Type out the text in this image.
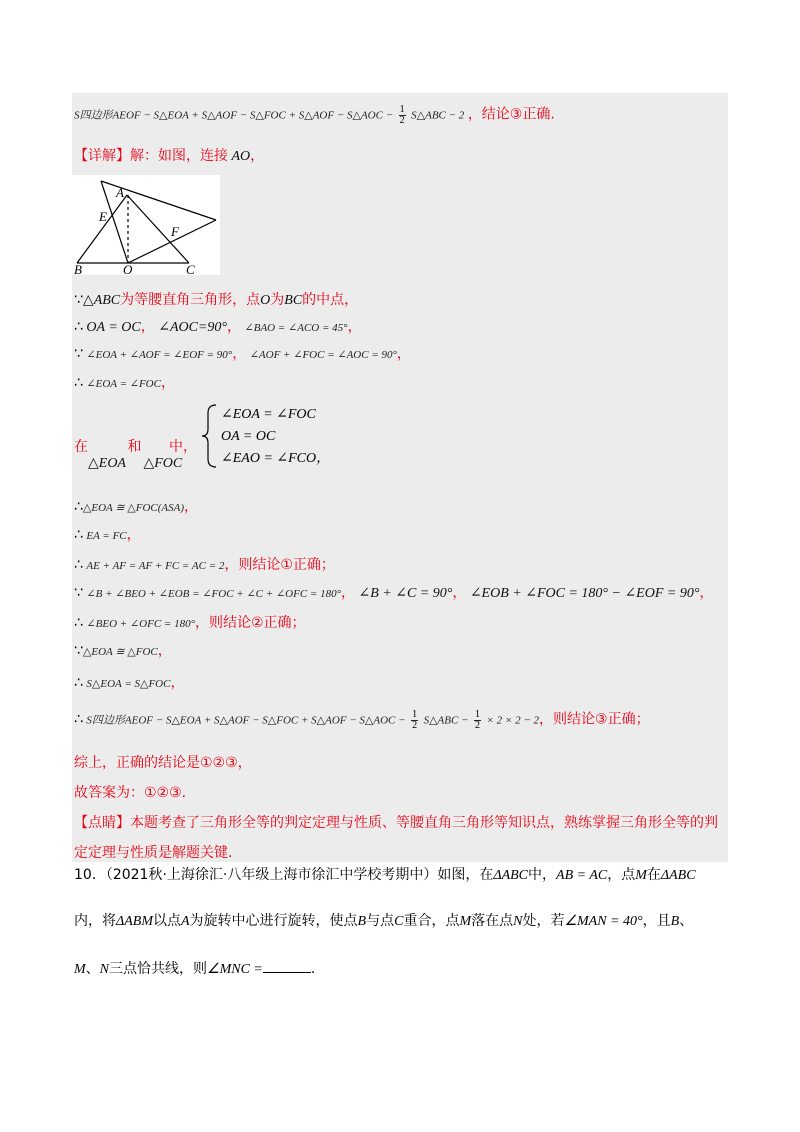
S四边形AEOF − S△EOA + S△AOF − S△FOC + S△AOF − S△AOC − $\frac{1}{2}$ S△ABC − 2 ，结论③正确.
【详解】解：如图，连接 AO，
E
A
F
B	O	C
∵△ABC为等腰直角三角形，点O为BC的中点，
∴ OA = OC， ∠AOC=90°， ∠BAO = ∠ACO = 45°，
∵ ∠EOA + ∠AOF = ∠EOF = 90°， ∠AOF + ∠FOC = ∠AOC = 90°，
∴ ∠EOA = ∠FOC，
在	和 中，
△EOA △FOC
∠EOA = ∠FOC
OA = OC
∠EAO = ∠FCO，
∴△EOA ≅ △FOC(ASA)，
∴ EA = FC，
∴ AE + AF = AF + FC = AC = 2，则结论①正确；
∵ ∠B + ∠BEO + ∠EOB = ∠FOC + ∠C + ∠OFC = 180°， ∠B + ∠C = 90°， ∠EOB + ∠FOC = 180° − ∠EOF = 90°，
∴ ∠BEO + ∠OFC = 180°，则结论②正确；
∵△EOA ≅ △FOC，
∴ S△EOA = S△FOC，
∴ S四边形AEOF − S△EOA + S△AOF − S△FOC + S△AOF − S△AOC − $\frac{1}{2}$ S△ABC − $\frac{1}{2} \times 2 \times 2 - 2$，则结论③正确；
综上，正确的结论是①②③，
故答案为：①②③.
【点睛】本题考查了三角形全等的判定定理与性质、等腰直角三角形等知识点，熟练掌握三角形全等的判定定理与性质是解题关键.
10．（2021秋·上海徐汇·八年级上海市徐汇中学校考期中）如图，在ΔABC中，AB = AC，点M在ΔABC
内，将ΔABM以点A为旋转中心进行旋转，使点B与点C重合，点M落在点N处，若∠MAN = 40°，且B、
M、N三点恰共线，则∠MNC =	.
